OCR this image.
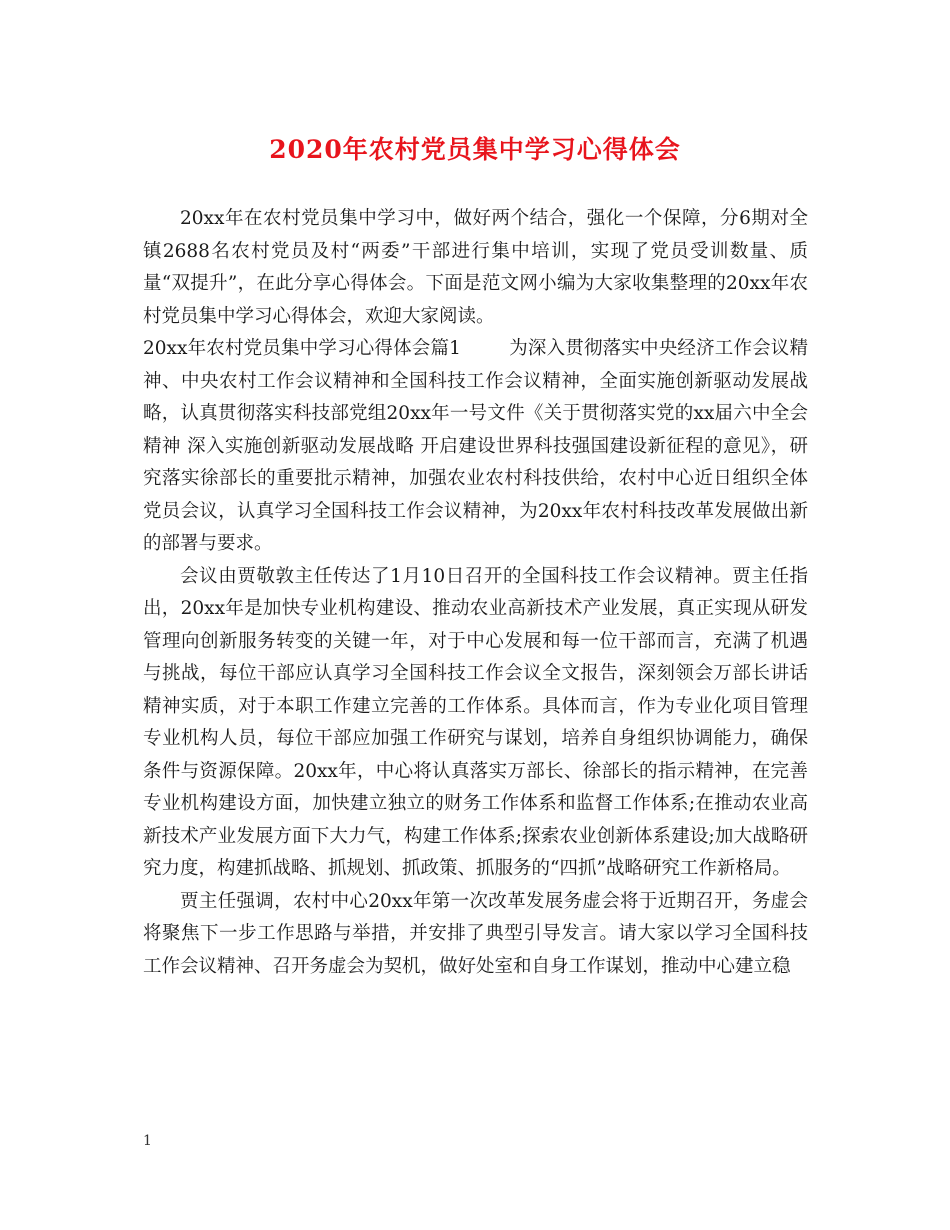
2020年农村党员集中学习心得体会

20xx年在农村党员集中学习中，做好两个结合，强化一个保障，分6期对全镇2688名农村党员及村“两委”干部进行集中培训，实现了党员受训数量、质量“双提升”，在此分享心得体会。下面是范文网小编为大家收集整理的20xx年农村党员集中学习心得体会，欢迎大家阅读。

20xx年农村党员集中学习心得体会篇1	为深入贯彻落实中央经济工作会议精神、中央农村工作会议精神和全国科技工作会议精神，全面实施创新驱动发展战略，认真贯彻落实科技部党组20xx年一号文件《关于贯彻落实党的xx届六中全会精神 深入实施创新驱动发展战略 开启建设世界科技强国建设新征程的意见》，研究落实徐部长的重要批示精神，加强农业农村科技供给，农村中心近日组织全体党员会议，认真学习全国科技工作会议精神，为20xx年农村科技改革发展做出新的部署与要求。

会议由贾敬敦主任传达了1月10日召开的全国科技工作会议精神。贾主任指出，20xx年是加快专业机构建设、推动农业高新技术产业发展，真正实现从研发管理向创新服务转变的关键一年，对于中心发展和每一位干部而言，充满了机遇与挑战，每位干部应认真学习全国科技工作会议全文报告，深刻领会万部长讲话精神实质，对于本职工作建立完善的工作体系。具体而言，作为专业化项目管理专业机构人员，每位干部应加强工作研究与谋划，培养自身组织协调能力，确保条件与资源保障。20xx年，中心将认真落实万部长、徐部长的指示精神，在完善专业机构建设方面，加快建立独立的财务工作体系和监督工作体系;在推动农业高新技术产业发展方面下大力气，构建工作体系;探索农业创新体系建设;加大战略研究力度，构建抓战略、抓规划、抓政策、抓服务的“四抓”战略研究工作新格局。

贾主任强调，农村中心20xx年第一次改革发展务虚会将于近期召开，务虚会将聚焦下一步工作思路与举措，并安排了典型引导发言。请大家以学习全国科技工作会议精神、召开务虚会为契机，做好处室和自身工作谋划，推动中心建立稳

1
